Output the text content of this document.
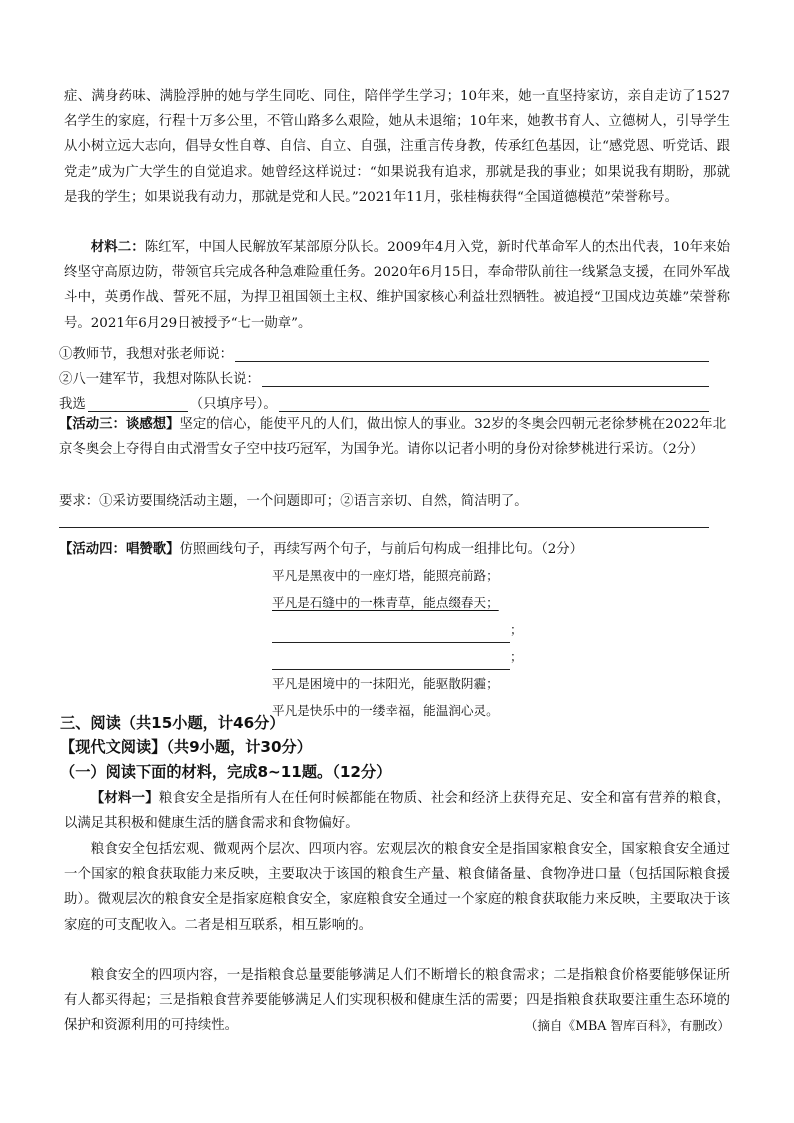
症、满身药味、满脸浮肿的她与学生同吃、同住，陪伴学生学习；10年来，她一直坚持家访，亲自走访了1527名学生的家庭，行程十万多公里，不管山路多么艰险，她从未退缩；10年来，她教书育人、立德树人，引导学生从小树立远大志向，倡导女性自尊、自信、自立、自强，注重言传身教，传承红色基因，让“感党恩、听党话、跟党走”成为广大学生的自觉追求。她曾经这样说过：“如果说我有追求，那就是我的事业；如果说我有期盼，那就是我的学生；如果说我有动力，那就是党和人民。”2021年11月，张桂梅获得“全国道德模范”荣誉称号。

材料二：陈红军，中国人民解放军某部原分队长。2009年4月入党，新时代革命军人的杰出代表，10年来始终坚守高原边防，带领官兵完成各种急难险重任务。2020年6月15日，奉命带队前往一线紧急支援，在同外军战斗中，英勇作战、誓死不屈，为捍卫祖国领土主权、维护国家核心利益壮烈牺牲。被追授“卫国戍边英雄”荣誉称号。2021年6月29日被授予“七一勋章”。

①教师节，我想对张老师说：
②八一建军节，我想对陈队长说：
我选	（只填序号）。

【活动三：谈感想】坚定的信心，能使平凡的人们，做出惊人的事业。32岁的冬奥会四朝元老徐梦桃在2022年北京冬奥会上夺得自由式滑雪女子空中技巧冠军，为国争光。请你以记者小明的身份对徐梦桃进行采访。（2分）

要求：①采访要围绕活动主题，一个问题即可；②语言亲切、自然，简洁明了。

【活动四：唱赞歌】仿照画线句子，再续写两个句子，与前后句构成一组排比句。（2分）

平凡是黑夜中的一座灯塔，能照亮前路；
平凡是石缝中的一株青草，能点缀春天；
；
；
平凡是困境中的一抹阳光，能驱散阴霾；
平凡是快乐中的一缕幸福，能温润心灵。
三、阅读（共15小题，计46分）
【现代文阅读】（共9小题，计30分）
（一）阅读下面的材料，完成8~11题。（12分）

【材料一】粮食安全是指所有人在任何时候都能在物质、社会和经济上获得充足、安全和富有营养的粮食，以满足其积极和健康生活的膳食需求和食物偏好。

粮食安全包括宏观、微观两个层次、四项内容。宏观层次的粮食安全是指国家粮食安全，国家粮食安全通过一个国家的粮食获取能力来反映，主要取决于该国的粮食生产量、粮食储备量、食物净进口量（包括国际粮食援助）。微观层次的粮食安全是指家庭粮食安全，家庭粮食安全通过一个家庭的粮食获取能力来反映，主要取决于该家庭的可支配收入。二者是相互联系，相互影响的。

粮食安全的四项内容，一是指粮食总量要能够满足人们不断增长的粮食需求；二是指粮食价格要能够保证所有人都买得起；三是指粮食营养要能够满足人们实现积极和健康生活的需要；四是指粮食获取要注重生态环境的保护和资源利用的可持续性。	（摘自《MBA 智库百科》，有删改）
